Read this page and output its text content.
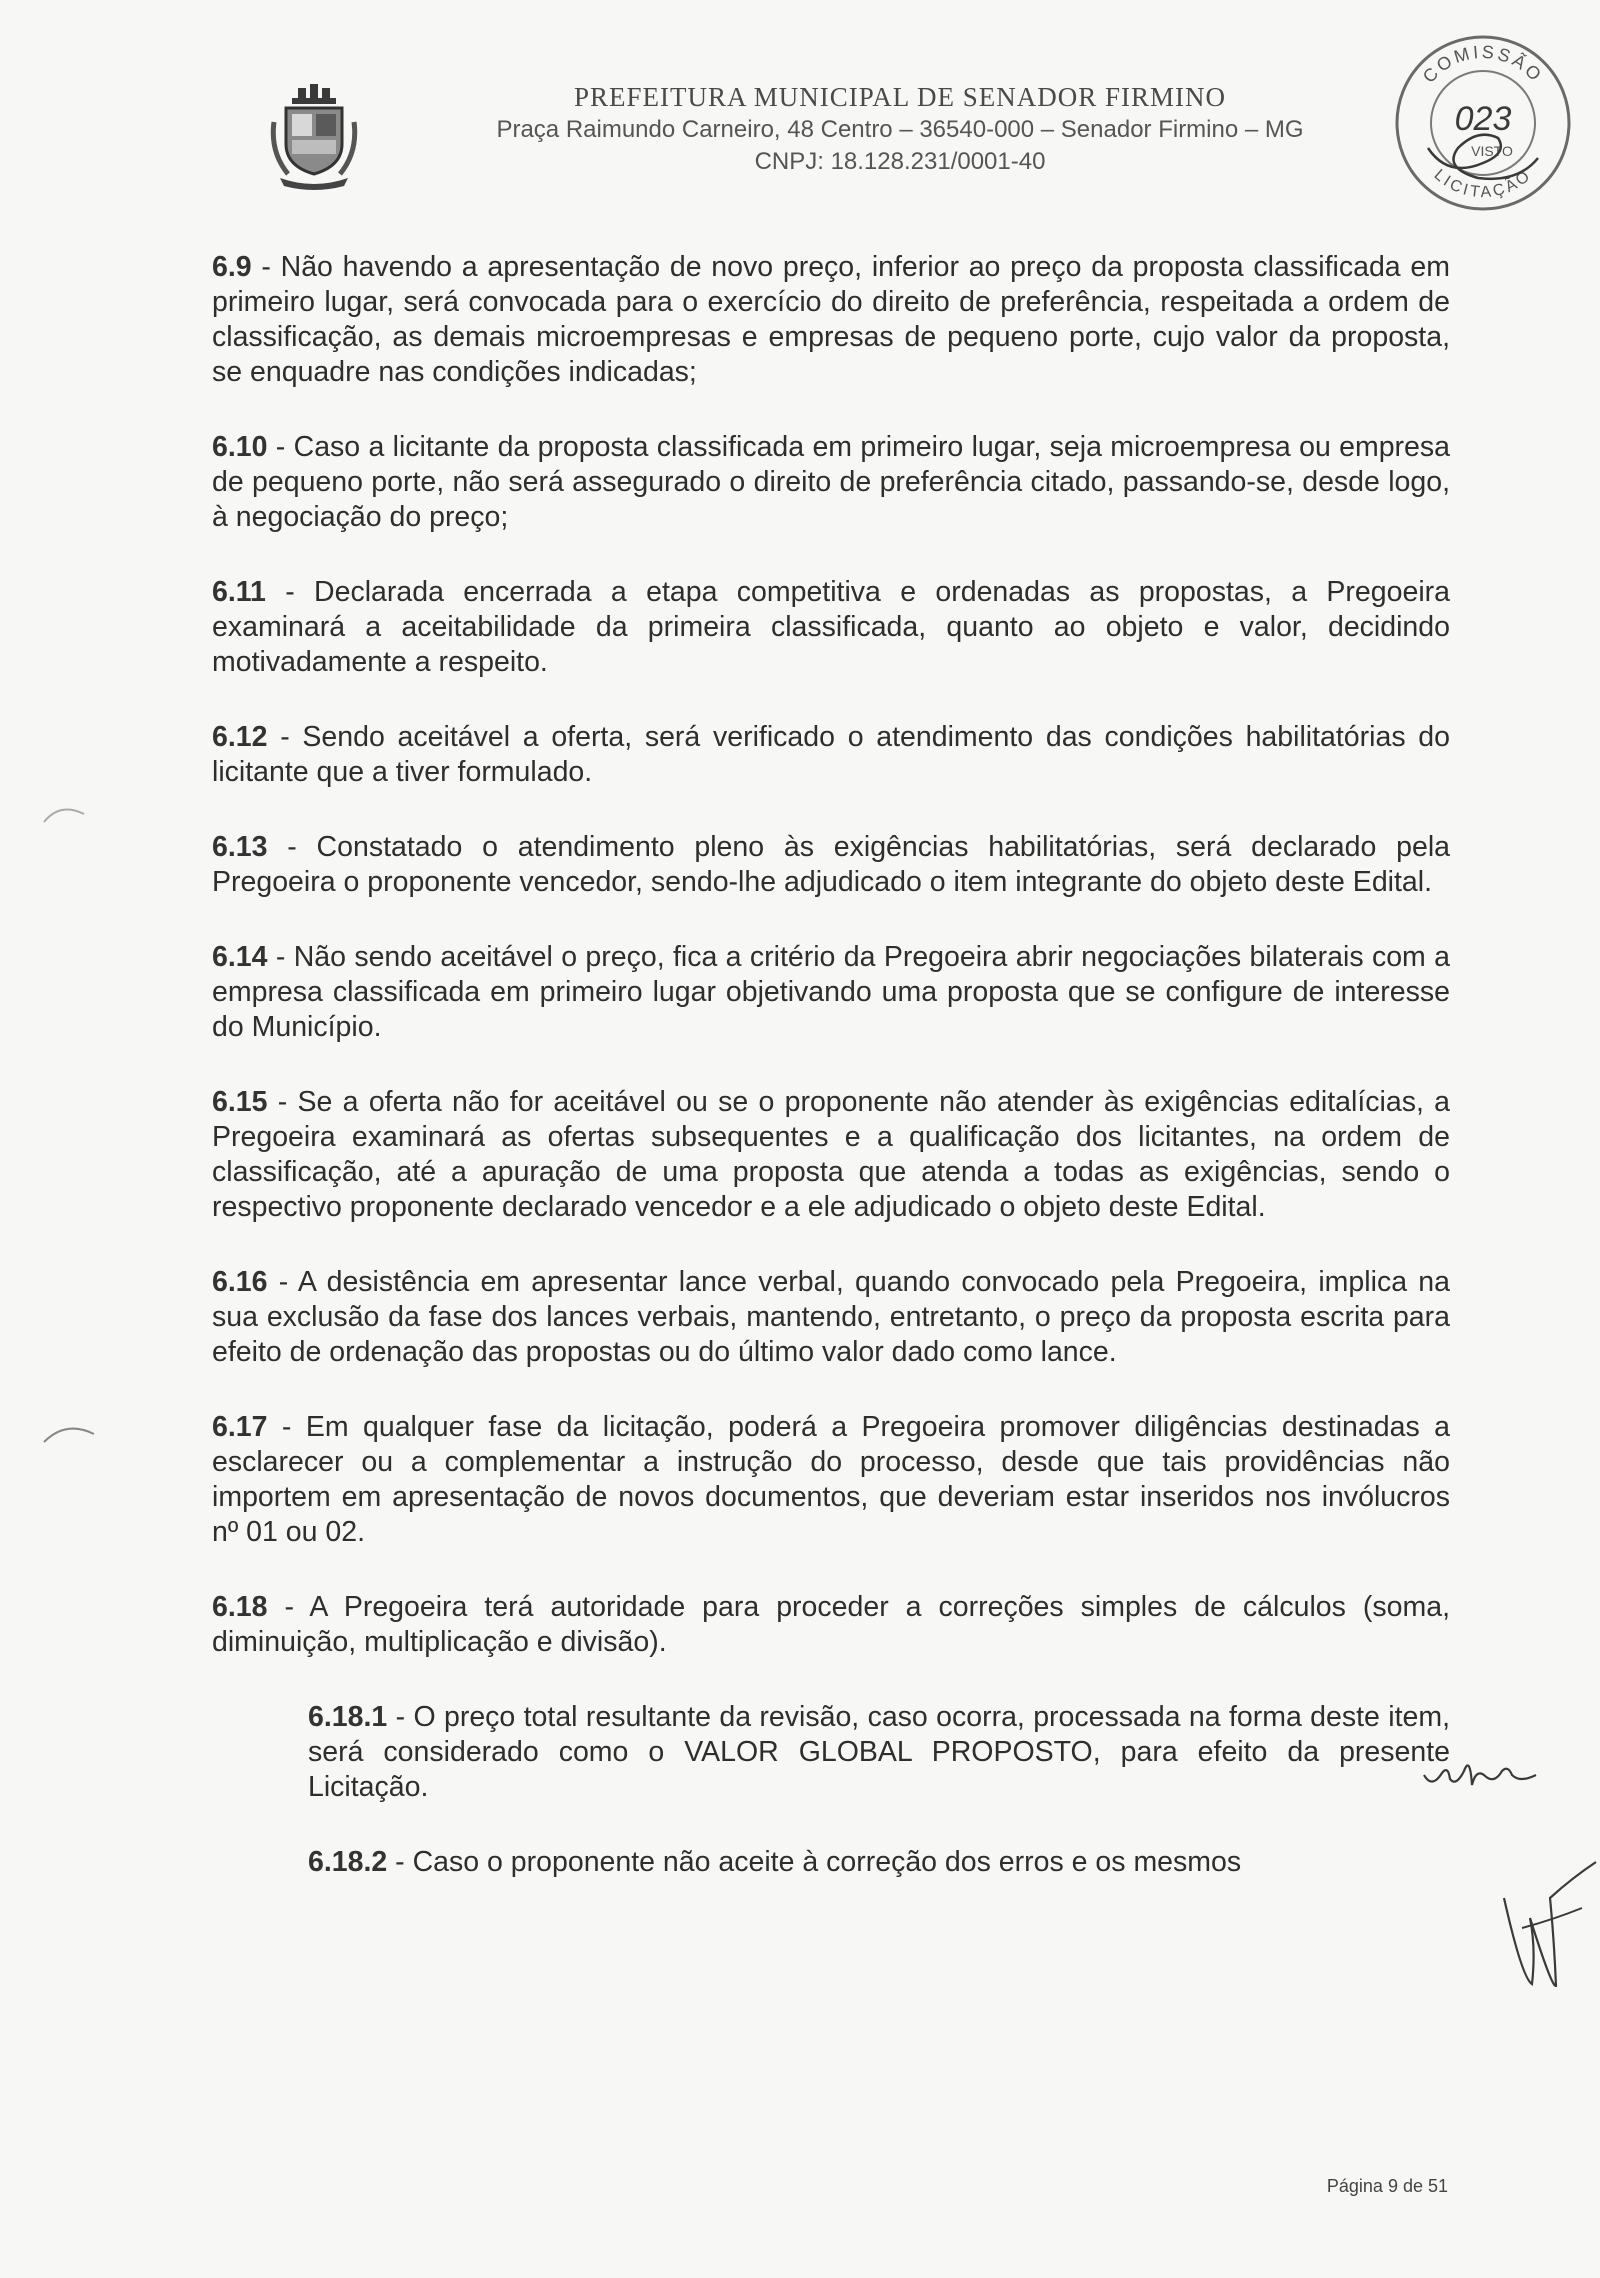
PREFEITURA MUNICIPAL DE SENADOR FIRMINO
Praça Raimundo Carneiro, 48 Centro – 36540-000 – Senador Firmino – MG
CNPJ: 18.128.231/0001-40
COMISSÃO
LICITAÇÃO
023
VISTO

6.9 - Não havendo a apresentação de novo preço, inferior ao preço da proposta classificada em primeiro lugar, será convocada para o exercício do direito de preferência, respeitada a ordem de classificação, as demais microempresas e empresas de pequeno porte, cujo valor da proposta, se enquadre nas condições indicadas;

6.10 - Caso a licitante da proposta classificada em primeiro lugar, seja microempresa ou empresa de pequeno porte, não será assegurado o direito de preferência citado, passando-se, desde logo, à negociação do preço;

6.11 - Declarada encerrada a etapa competitiva e ordenadas as propostas, a Pregoeira examinará a aceitabilidade da primeira classificada, quanto ao objeto e valor, decidindo motivadamente a respeito.

6.12 - Sendo aceitável a oferta, será verificado o atendimento das condições habilitatórias do licitante que a tiver formulado.

6.13 - Constatado o atendimento pleno às exigências habilitatórias, será declarado pela Pregoeira o proponente vencedor, sendo-lhe adjudicado o item integrante do objeto deste Edital.

6.14 - Não sendo aceitável o preço, fica a critério da Pregoeira abrir negociações bilaterais com a empresa classificada em primeiro lugar objetivando uma proposta que se configure de interesse do Município.

6.15 - Se a oferta não for aceitável ou se o proponente não atender às exigências editalícias, a Pregoeira examinará as ofertas subsequentes e a qualificação dos licitantes, na ordem de classificação, até a apuração de uma proposta que atenda a todas as exigências, sendo o respectivo proponente declarado vencedor e a ele adjudicado o objeto deste Edital.

6.16 - A desistência em apresentar lance verbal, quando convocado pela Pregoeira, implica na sua exclusão da fase dos lances verbais, mantendo, entretanto, o preço da proposta escrita para efeito de ordenação das propostas ou do último valor dado como lance.

6.17 - Em qualquer fase da licitação, poderá a Pregoeira promover diligências destinadas a esclarecer ou a complementar a instrução do processo, desde que tais providências não importem em apresentação de novos documentos, que deveriam estar inseridos nos invólucros nº 01 ou 02.

6.18 - A Pregoeira terá autoridade para proceder a correções simples de cálculos (soma, diminuição, multiplicação e divisão).

6.18.1 - O preço total resultante da revisão, caso ocorra, processada na forma deste item, será considerado como o VALOR GLOBAL PROPOSTO, para efeito da presente Licitação.

6.18.2 - Caso o proponente não aceite à correção dos erros e os mesmos

Página 9 de 51
